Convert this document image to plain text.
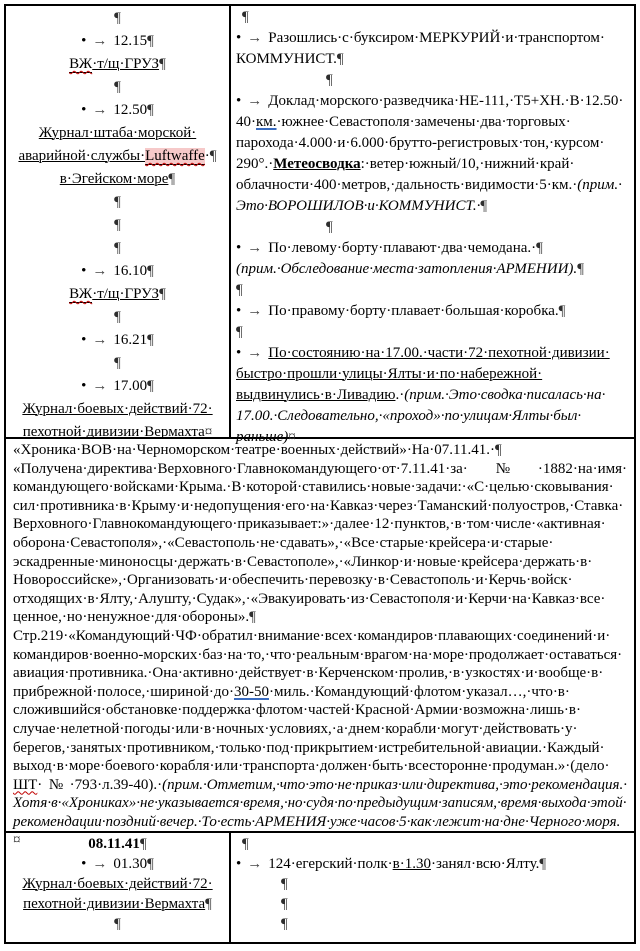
¶
• → 12.15¶
ВЖ·​т/щ·​ГРУЗ¶
¶
• → 12.50¶
Журнал·​штаба·​морской·​аварийной·​службы·​Luftwaffe·​¶
в·​Эгейском·​море¶
¶
¶
¶
• → 16.10¶
ВЖ·​т/щ·​ГРУЗ¶
¶
• → 16.21¶
¶
• → 17.00¶
Журнал·​боевых·​действий·​72·​пехотной·​дивизии·​Вермахта¤
¶
• → Разошлись·​с·​буксиром·​МЕРКУРИЙ·​и·​транспортом·​КОММУНИСТ.¶
¶
• → Доклад·​морского·​разведчика·​НЕ-111,·​Т5+ХН.·​В·​12.50·​40·​км.·​южнее·​Севастополя·​замечены·​два·​торговых·​парохода·​4.000·​и·​6.000·​брутто-регистровых·​тон,·​курсом·​290°.·​Метеосводка:·​ветер·​южный/10,·​нижний·​край·​облачности·​400·​метров,·​дальность·​видимости·​5·​км.·​(прим.·​Это·​ВОРОШИЛОВ·​и·​КОММУНИСТ.·​¶
¶
• → По·​левому·​борту·​плавают·​два·​чемодана.·​¶
(прим.·​Обследование·​места·​затопления·​АРМЕНИИ).¶
¶
• → По·​правому·​борту·​плавает·​большая·​коробка.¶
¶
• → По·​состоянию·​на·​17.00.·​части·​72·​пехотной·​дивизии·​быстро·​прошли·​улицы·​Ялты·​и·​по·​набережной·​выдвинулись·​в·​Ливадию.·​(прим.·​Это·​сводка·​писалась·​на·​17.00.·​Следовательно,·​«проход»·​по·​улицам·​Ялты·​был·​раньше)¤
«Хроника·​ВОВ·​на·​Черноморском·​театре·​военных·​действий»·​На·​07.11.41.·​¶
«Получена·​директива·​Верховного·​Главнокомандующего·​от·​7.11.41·​за·​№·​1882·​на·​имя·​командующего·​войсками·​Крыма.·​В·​которой·​ставились·​новые·​задачи:·​«С·​целью·​сковывания·​сил·​противника·​в·​Крыму·​и·​недопущения·​его·​на·​Кавказ·​через·​Таманский·​полуостров,·​Ставка·​Верховного·​Главнокомандующего·​приказывает:»·​далее·​12·​пунктов,·​в·​том·​числе·​«активная·​оборона·​Севастополя»,·​«Севастополь·​не·​сдавать»,·​«Все·​старые·​крейсера·​и·​старые·​эскадренные·​миноносцы·​держать·​в·​Севастополе»,·​«Линкор·​и·​новые·​крейсера·​держать·​в·​Новороссийске»,·​Организовать·​и·​обеспечить·​перевозку·​в·​Севастополь·​и·​Керчь·​войск·​отходящих·​в·​Ялту,·​Алушту,·​Судак»,·​«Эвакуировать·​из·​Севастополя·​и·​Керчи·​на·​Кавказ·​все·​ценное,·​но·​ненужное·​для·​обороны».¶
Стр.219·​«Командующий·​ЧФ·​обратил·​внимание·​всех·​командиров·​плавающих·​соединений·​и·​командиров·​военно-морских·​баз·​на·​то,·​что·​реальным·​врагом·​на·​море·​продолжает·​оставаться·​авиация·​противника.·​Она·​активно·​действует·​в·​Керченском·​пролив,·​в·​узкостях·​и·​вообще·​в·​прибрежной·​полосе,·​шириной·​до·​30-50·​миль.·​Командующий·​флотом·​указал…,·​что·​в·​сложившийся·​обстановке·​поддержка·​флотом·​частей·​Красной·​Армии·​возможна·​лишь·​в·​случае·​нелетной·​погоды·​или·​в·​ночных·​условиях,·​а·​днем·​корабли·​могут·​действовать·​у·​берегов,·​занятых·​противником,·​только·​под·​прикрытием·​истребительной·​авиации.·​Каждый·​выход·​в·​море·​боевого·​корабля·​или·​транспорта·​должен·​быть·​всесторонне·​продуман.»·​(дело·​ШТ·​№·​793·​л.39-40).·​(прим.·​Отметим,·​что·​это·​не·​приказ·​или·​директива,·​это·​рекомендация.·​Хотя·​в·​«Хрониках»·​не·​указывается·​время,·​но·​судя·​по·​предыдущим·​записям,·​время·​выхода·​этой·​рекомендации·​поздний·​вечер.·​То·​есть·​АРМЕНИЯ·​уже·​часов·​5·​как·​лежит·​на·​дне·​Черного·​моря.¤	08.11.41¶
• → 01.30¶
Журнал·​боевых·​действий·​72·​пехотной·​дивизии·​Вермахта¶
¶
¶
• → 124·​егерский·​полк·​в·​1.30·​занял·​всю·​Ялту.¶
¶
¶
¶
